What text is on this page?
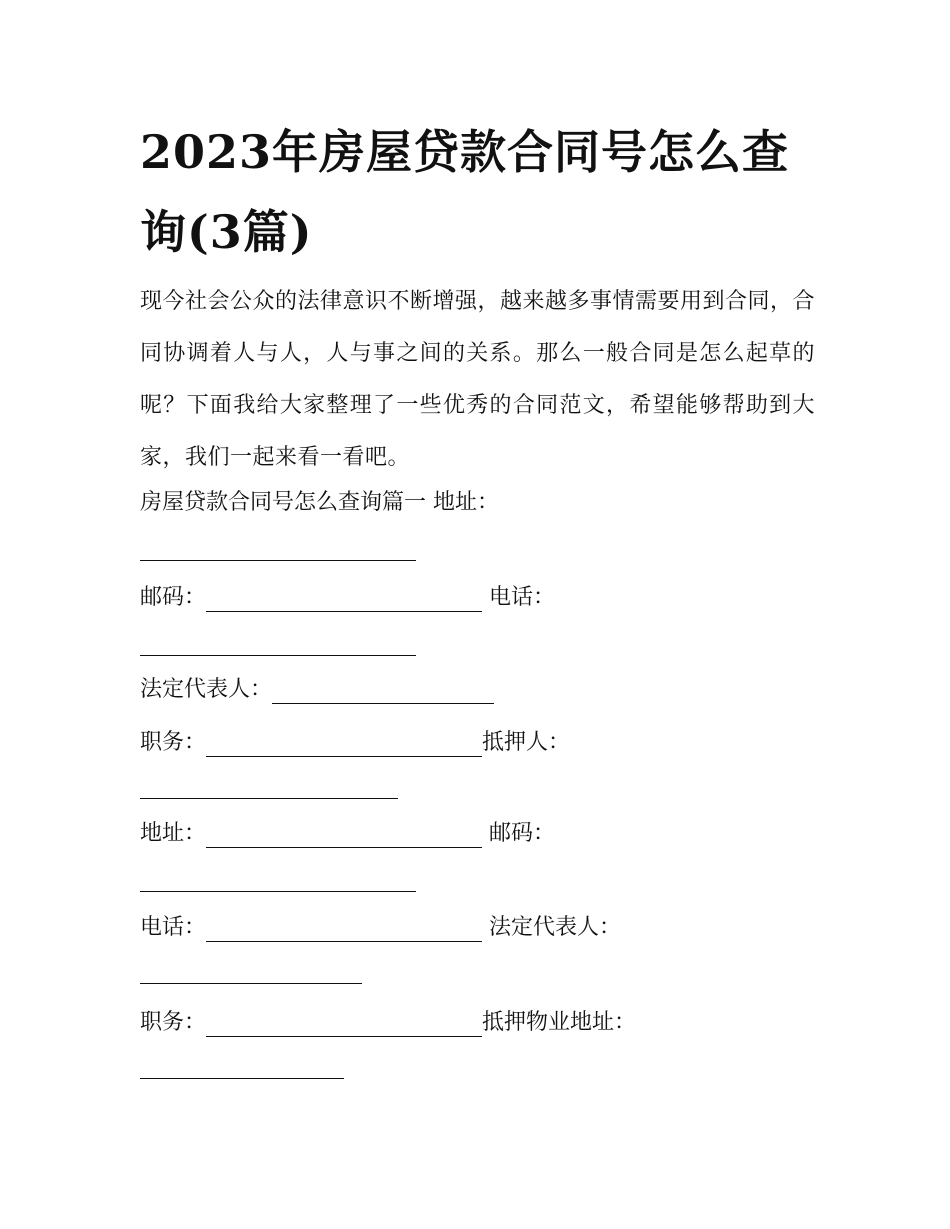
2023年房屋贷款合同号怎么查询(3篇)

现今社会公众的法律意识不断增强，越来越多事情需要用到合同，合同协调着人与人，人与事之间的关系。那么一般合同是怎么起草的呢？下面我给大家整理了一些优秀的合同范文，希望能够帮助到大家，我们一起来看一看吧。

房屋贷款合同号怎么查询篇一 地址：
邮码：	电话：
法定代表人：
职务：	抵押人：
地址：	邮码：
电话：	法定代表人：
职务：	抵押物业地址：
